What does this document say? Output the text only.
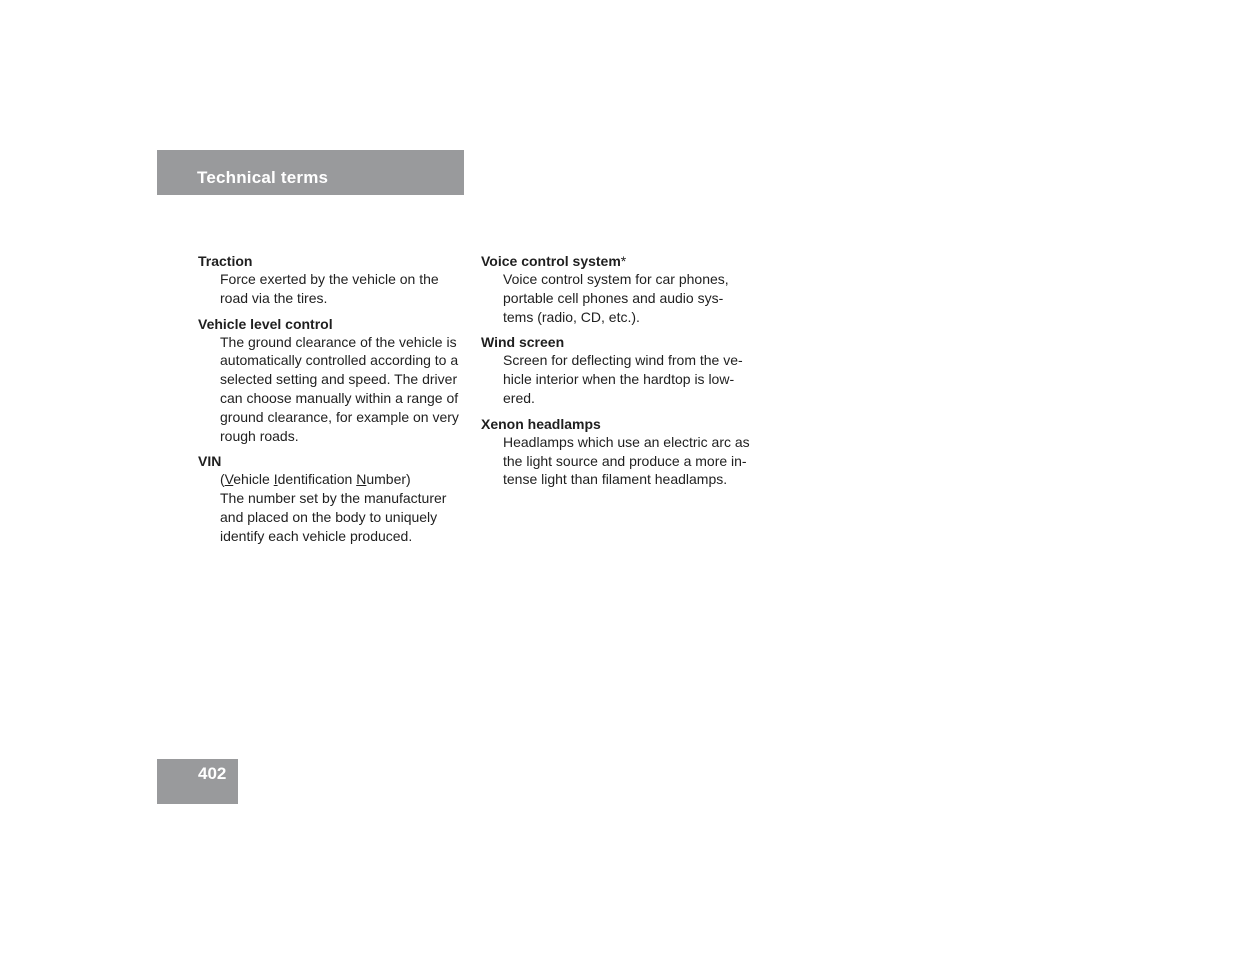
Technical terms
Traction
Force exerted by the vehicle on the
road via the tires.
Vehicle level control
The ground clearance of the vehicle is
automatically controlled according to a
selected setting and speed. The driver
can choose manually within a range of
ground clearance, for example on very
rough roads.
VIN
(Vehicle Identification Number)
The number set by the manufacturer
and placed on the body to uniquely
identify each vehicle produced.
Voice control system*
Voice control system for car phones,
portable cell phones and audio sys-
tems (radio, CD, etc.).
Wind screen
Screen for deflecting wind from the ve-
hicle interior when the hardtop is low-
ered.
Xenon headlamps
Headlamps which use an electric arc as
the light source and produce a more in-
tense light than filament headlamps.
402
